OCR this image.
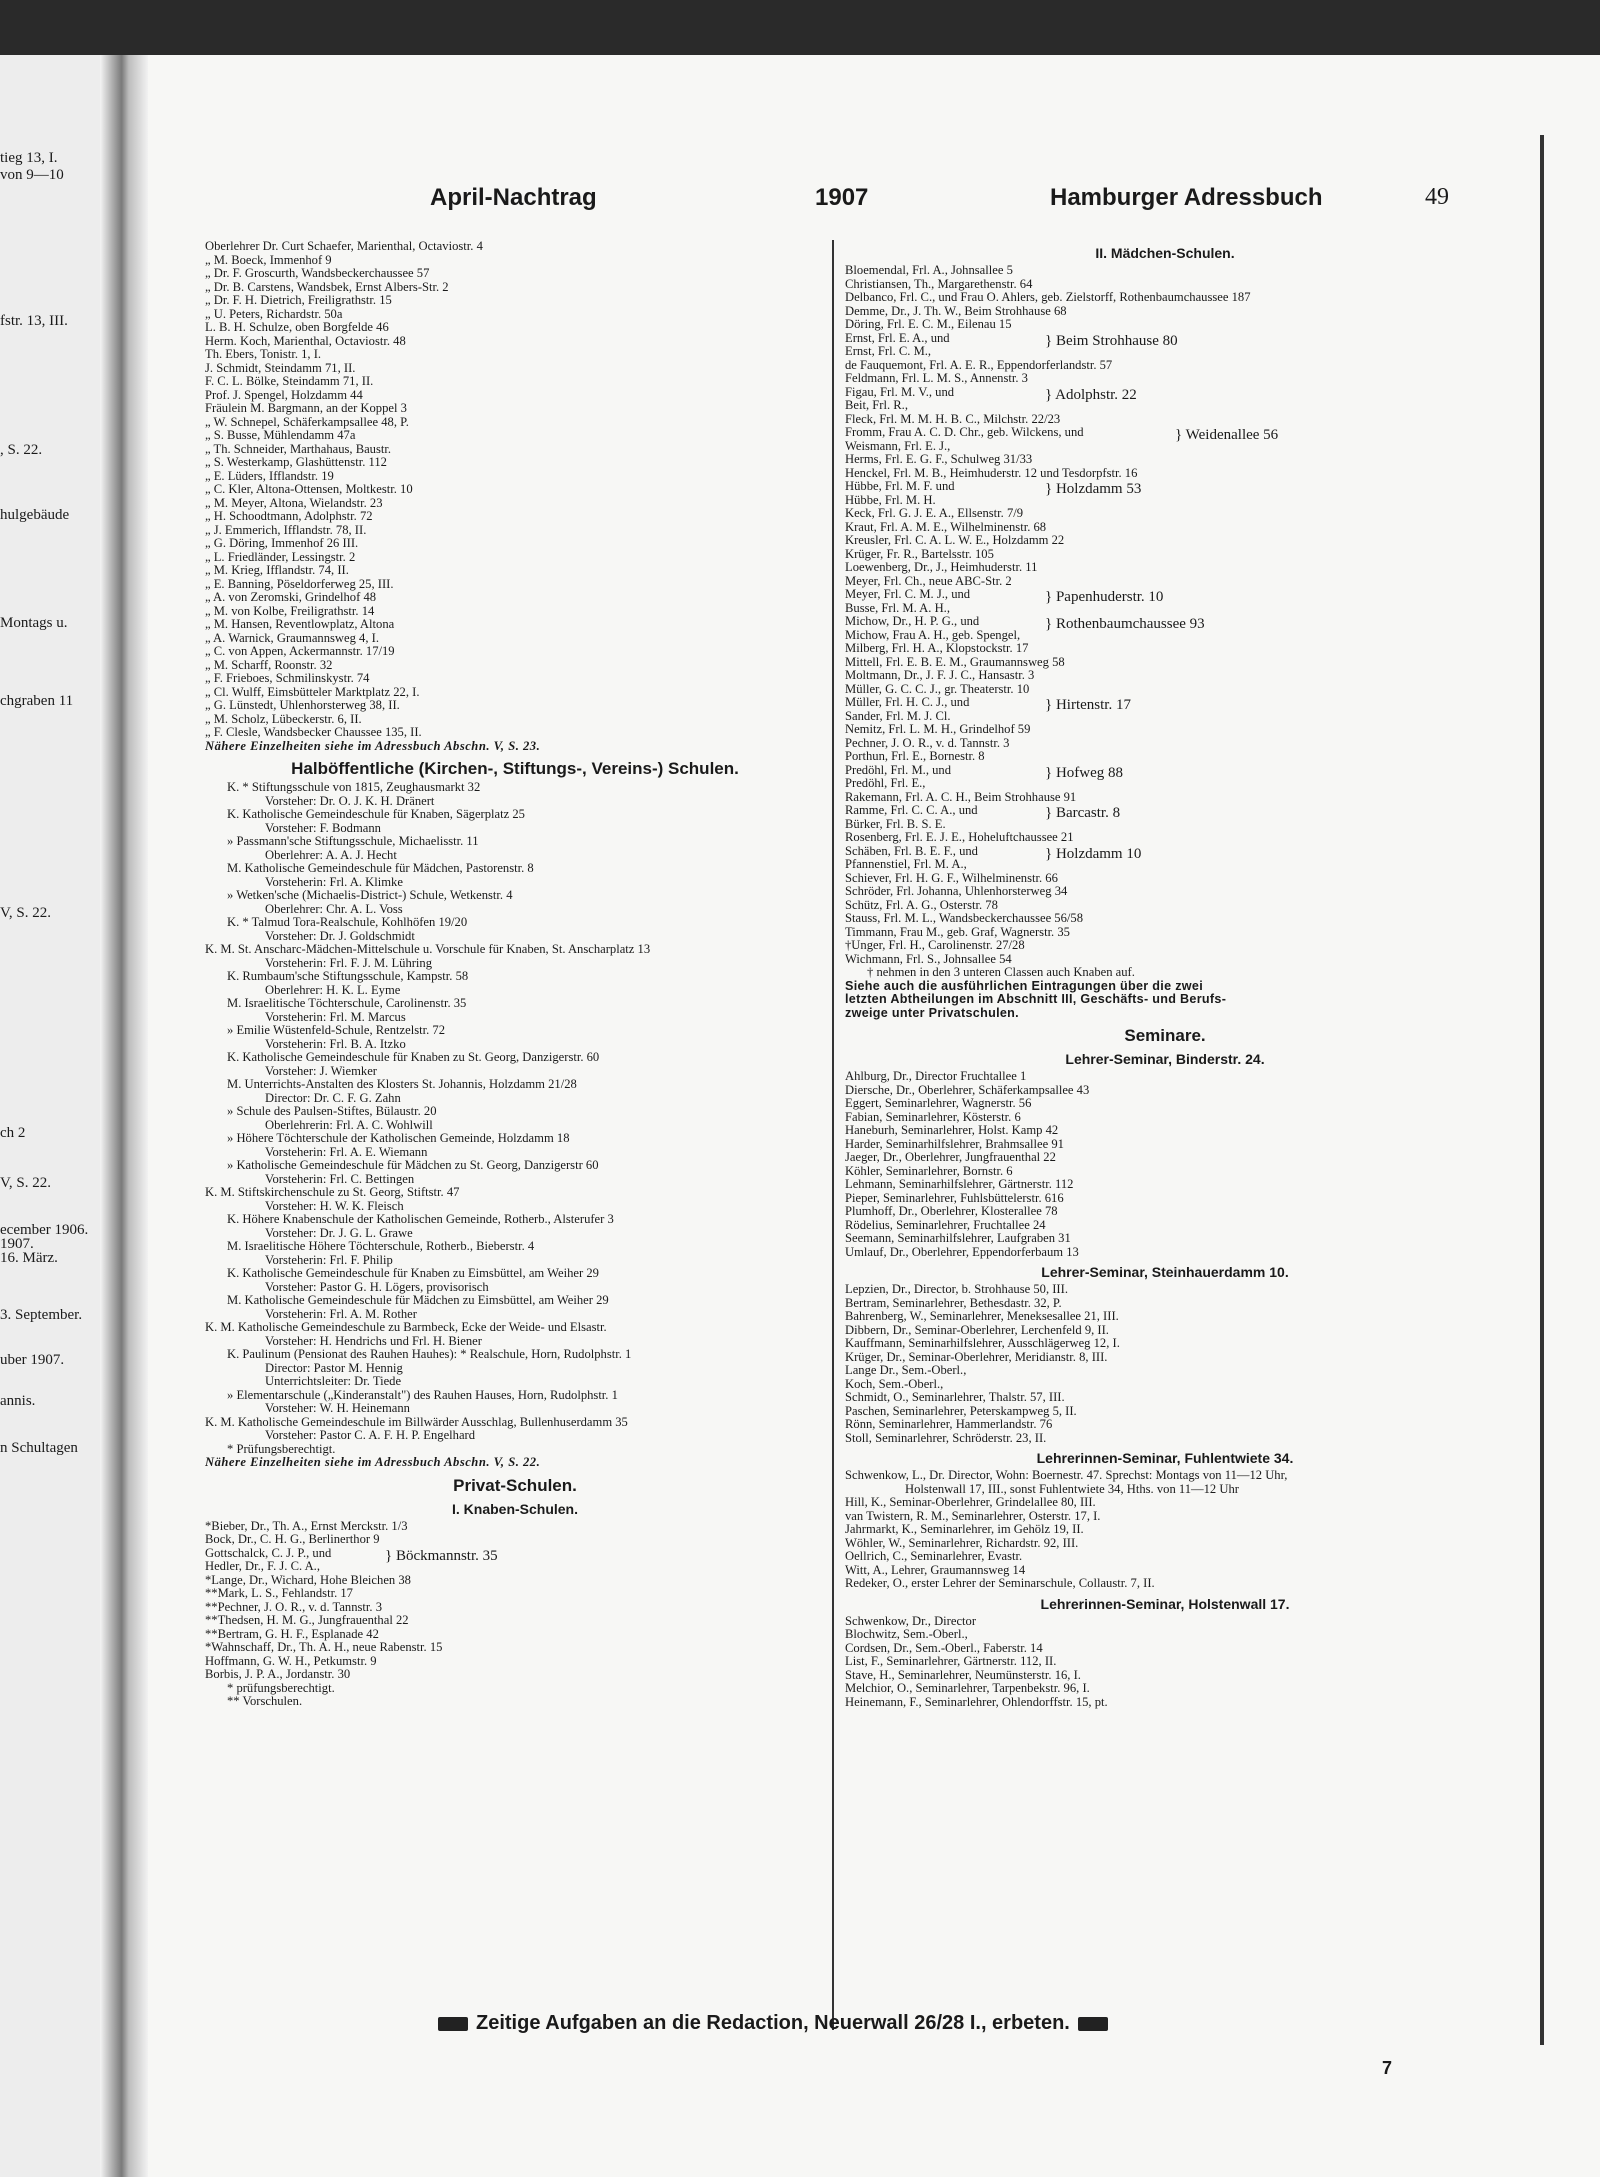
tieg 13, I.
von 9—10
fstr. 13, III.
, S. 22.
hulgebäude
Montags u.
chgraben 11
V, S. 22.
ch 2
V, S. 22.
ecember 1906.
1907.
16. März.
3. September.
uber 1907.
annis.
n Schultagen
April-Nachtrag	1907	Hamburger Adressbuch	49
Oberlehrer Dr. Curt Schaefer, Marienthal, Octaviostr. 4
„ M. Boeck, Immenhof 9
„ Dr. F. Groscurth, Wandsbeckerchaussee 57
„ Dr. B. Carstens, Wandsbek, Ernst Albers-Str. 2
„ Dr. F. H. Dietrich, Freiligrathstr. 15
„ U. Peters, Richardstr. 50a
L. B. H. Schulze, oben Borgfelde 46
Herm. Koch, Marienthal, Octaviostr. 48
Th. Ebers, Tonistr. 1, I.
J. Schmidt, Steindamm 71, II.
F. C. L. Bölke, Steindamm 71, II.
Prof. J. Spengel, Holzdamm 44
Fräulein M. Bargmann, an der Koppel 3
„ W. Schnepel, Schäferkampsallee 48, P.
„ S. Busse, Mühlendamm 47a
„ Th. Schneider, Marthahaus, Baustr.
„ S. Westerkamp, Glashüttenstr. 112
„ E. Lüders, Ifflandstr. 19
„ C. Kler, Altona-Ottensen, Moltkestr. 10
„ M. Meyer, Altona, Wielandstr. 23
„ H. Schoodtmann, Adolphstr. 72
„ J. Emmerich, Ifflandstr. 78, II.
„ G. Döring, Immenhof 26 III.
„ L. Friedländer, Lessingstr. 2
„ M. Krieg, Ifflandstr. 74, II.
„ E. Banning, Pöseldorferweg 25, III.
„ A. von Zeromski, Grindelhof 48
„ M. von Kolbe, Freiligrathstr. 14
„ M. Hansen, Reventlowplatz, Altona
„ A. Warnick, Graumannsweg 4, I.
„ C. von Appen, Ackermannstr. 17/19
„ M. Scharff, Roonstr. 32
„ F. Frieboes, Schmilinskystr. 74
„ Cl. Wulff, Eimsbütteler Marktplatz 22, I.
„ G. Lünstedt, Uhlenhorsterweg 38, II.
„ M. Scholz, Lübeckerstr. 6, II.
„ F. Clesle, Wandsbecker Chaussee 135, II.
Nähere Einzelheiten siehe im Adressbuch Abschn. V, S. 23.
Halböffentliche (Kirchen-, Stiftungs-, Vereins-) Schulen.
K. * Stiftungsschule von 1815, Zeughausmarkt 32
Vorsteher: Dr. O. J. K. H. Dränert
K. Katholische Gemeindeschule für Knaben, Sägerplatz 25
Vorsteher: F. Bodmann
» Passmann'sche Stiftungsschule, Michaelisstr. 11
Oberlehrer: A. A. J. Hecht
M. Katholische Gemeindeschule für Mädchen, Pastorenstr. 8
Vorsteherin: Frl. A. Klimke
» Wetken'sche (Michaelis-District-) Schule, Wetkenstr. 4
Oberlehrer: Chr. A. L. Voss
K. * Talmud Tora-Realschule, Kohlhöfen 19/20
Vorsteher: Dr. J. Goldschmidt
K. M. St. Anscharc-Mädchen-Mittelschule u. Vorschule für Knaben, St. Anscharplatz 13
Vorsteherin: Frl. F. J. M. Lühring
K. Rumbaum'sche Stiftungsschule, Kampstr. 58
Oberlehrer: H. K. L. Eyme
M. Israelitische Töchterschule, Carolinenstr. 35
Vorsteherin: Frl. M. Marcus
» Emilie Wüstenfeld-Schule, Rentzelstr. 72
Vorsteherin: Frl. B. A. Itzko
K. Katholische Gemeindeschule für Knaben zu St. Georg, Danzigerstr. 60
Vorsteher: J. Wiemker
M. Unterrichts-Anstalten des Klosters St. Johannis, Holzdamm 21/28
Director: Dr. C. F. G. Zahn
» Schule des Paulsen-Stiftes, Bülaustr. 20
Oberlehrerin: Frl. A. C. Wohlwill
» Höhere Töchterschule der Katholischen Gemeinde, Holzdamm 18
Vorsteherin: Frl. A. E. Wiemann
» Katholische Gemeindeschule für Mädchen zu St. Georg, Danzigerstr 60
Vorsteherin: Frl. C. Bettingen
K. M. Stiftskirchenschule zu St. Georg, Stiftstr. 47
Vorsteher: H. W. K. Fleisch
K. Höhere Knabenschule der Katholischen Gemeinde, Rotherb., Alsterufer 3
Vorsteher: Dr. J. G. L. Grawe
M. Israelitische Höhere Töchterschule, Rotherb., Bieberstr. 4
Vorsteherin: Frl. F. Philip
K. Katholische Gemeindeschule für Knaben zu Eimsbüttel, am Weiher 29
Vorsteher: Pastor G. H. Lögers, provisorisch
M. Katholische Gemeindeschule für Mädchen zu Eimsbüttel, am Weiher 29
Vorsteherin: Frl. A. M. Rother
K. M. Katholische Gemeindeschule zu Barmbeck, Ecke der Weide- und Elsastr.
Vorsteher: H. Hendrichs und Frl. H. Biener
K. Paulinum (Pensionat des Rauhen Hauhes): * Realschule, Horn, Rudolphstr. 1
Director: Pastor M. Hennig
Unterrichtsleiter: Dr. Tiede
» Elementarschule („Kinderanstalt") des Rauhen Hauses, Horn, Rudolphstr. 1
Vorsteher: W. H. Heinemann
K. M. Katholische Gemeindeschule im Billwärder Ausschlag, Bullenhuserdamm 35
Vorsteher: Pastor C. A. F. H. P. Engelhard
* Prüfungsberechtigt.
Nähere Einzelheiten siehe im Adressbuch Abschn. V, S. 22.
Privat-Schulen.
I. Knaben-Schulen.
*Bieber, Dr., Th. A., Ernst Merckstr. 1/3
Bock, Dr., C. H. G., Berlinerthor 9
Gottschalck, C. J. P., und
Hedler, Dr., F. J. C. A.,
} Böckmannstr. 35
*Lange, Dr., Wichard, Hohe Bleichen 38
**Mark, L. S., Fehlandstr. 17
**Pechner, J. O. R., v. d. Tannstr. 3
**Thedsen, H. M. G., Jungfrauenthal 22
**Bertram, G. H. F., Esplanade 42
*Wahnschaff, Dr., Th. A. H., neue Rabenstr. 15
Hoffmann, G. W. H., Petkumstr. 9
Borbis, J. P. A., Jordanstr. 30
* prüfungsberechtigt.
** Vorschulen.
II. Mädchen-Schulen.
Bloemendal, Frl. A., Johnsallee 5
Christiansen, Th., Margarethenstr. 64
Delbanco, Frl. C., und Frau O. Ahlers, geb. Zielstorff, Rothenbaumchaussee 187
Demme, Dr., J. Th. W., Beim Strohhause 68
Döring, Frl. E. C. M., Eilenau 15
Ernst, Frl. E. A., und
Ernst, Frl. C. M.,
} Beim Strohhause 80
de Fauquemont, Frl. A. E. R., Eppendorferlandstr. 57
Feldmann, Frl. L. M. S., Annenstr. 3
Figau, Frl. M. V., und
Beit, Frl. R.,
} Adolphstr. 22
Fleck, Frl. M. M. H. B. C., Milchstr. 22/23
Fromm, Frau A. C. D. Chr., geb. Wilckens, und
Weismann, Frl. E. J.,
} Weidenallee 56
Herms, Frl. E. G. F., Schulweg 31/33
Henckel, Frl. M. B., Heimhuderstr. 12 und Tesdorpfstr. 16
Hübbe, Frl. M. F. und
Hübbe, Frl. M. H.
} Holzdamm 53
Keck, Frl. G. J. E. A., Ellsenstr. 7/9
Kraut, Frl. A. M. E., Wilhelminenstr. 68
Kreusler, Frl. C. A. L. W. E., Holzdamm 22
Krüger, Fr. R., Bartelsstr. 105
Loewenberg, Dr., J., Heimhuderstr. 11
Meyer, Frl. Ch., neue ABC-Str. 2
Meyer, Frl. C. M. J., und
Busse, Frl. M. A. H.,
} Papenhuderstr. 10
Michow, Dr., H. P. G., und
Michow, Frau A. H., geb. Spengel,
} Rothenbaumchaussee 93
Milberg, Frl. H. A., Klopstockstr. 17
Mittell, Frl. E. B. E. M., Graumannsweg 58
Moltmann, Dr., J. F. J. C., Hansastr. 3
Müller, G. C. C. J., gr. Theaterstr. 10
Müller, Frl. H. C. J., und
Sander, Frl. M. J. Cl.
} Hirtenstr. 17
Nemitz, Frl. L. M. H., Grindelhof 59
Pechner, J. O. R., v. d. Tannstr. 3
Porthun, Frl. E., Bornestr. 8
Predöhl, Frl. M., und
Predöhl, Frl. E.,
} Hofweg 88
Rakemann, Frl. A. C. H., Beim Strohhause 91
Ramme, Frl. C. C. A., und
Bürker, Frl. B. S. E.
} Barcastr. 8
Rosenberg, Frl. E. J. E., Hoheluftchaussee 21
Schäben, Frl. B. E. F., und
Pfannenstiel, Frl. M. A.,
} Holzdamm 10
Schiever, Frl. H. G. F., Wilhelminenstr. 66
Schröder, Frl. Johanna, Uhlenhorsterweg 34
Schütz, Frl. A. G., Osterstr. 78
Stauss, Frl. M. L., Wandsbeckerchaussee 56/58
Timmann, Frau M., geb. Graf, Wagnerstr. 35
†Unger, Frl. H., Carolinenstr. 27/28
Wichmann, Frl. S., Johnsallee 54
† nehmen in den 3 unteren Classen auch Knaben auf.
Siehe auch die ausführlichen Eintragungen über die zwei
letzten Abtheilungen im Abschnitt III, Geschäfts- und Berufs-
zweige unter Privatschulen.
Seminare.
Lehrer-Seminar, Binderstr. 24.
Ahlburg, Dr., Director Fruchtallee 1
Diersche, Dr., Oberlehrer, Schäferkampsallee 43
Eggert, Seminarlehrer, Wagnerstr. 56
Fabian, Seminarlehrer, Kösterstr. 6
Haneburh, Seminarlehrer, Holst. Kamp 42
Harder, Seminarhilfslehrer, Brahmsallee 91
Jaeger, Dr., Oberlehrer, Jungfrauenthal 22
Köhler, Seminarlehrer, Bornstr. 6
Lehmann, Seminarhilfslehrer, Gärtnerstr. 112
Pieper, Seminarlehrer, Fuhlsbüttelerstr. 616
Plumhoff, Dr., Oberlehrer, Klosterallee 78
Rödelius, Seminarlehrer, Fruchtallee 24
Seemann, Seminarhilfslehrer, Laufgraben 31
Umlauf, Dr., Oberlehrer, Eppendorferbaum 13
Lehrer-Seminar, Steinhauerdamm 10.
Lepzien, Dr., Director, b. Strohhause 50, III.
Bertram, Seminarlehrer, Bethesdastr. 32, P.
Bahrenberg, W., Seminarlehrer, Meneksesallee 21, III.
Dibbern, Dr., Seminar-Oberlehrer, Lerchenfeld 9, II.
Kauffmann, Seminarhilfslehrer, Ausschlägerweg 12, I.
Krüger, Dr., Seminar-Oberlehrer, Meridianstr. 8, III.
Lange Dr., Sem.-Oberl.,
Koch, Sem.-Oberl.,
Schmidt, O., Seminarlehrer, Thalstr. 57, III.
Paschen, Seminarlehrer, Peterskampweg 5, II.
Rönn, Seminarlehrer, Hammerlandstr. 76
Stoll, Seminarlehrer, Schröderstr. 23, II.
Lehrerinnen-Seminar, Fuhlentwiete 34.
Schwenkow, L., Dr. Director, Wohn: Boernestr. 47. Sprechst: Montags von 11—12 Uhr,
Holstenwall 17, III., sonst Fuhlentwiete 34, Hths. von 11—12 Uhr
Hill, K., Seminar-Oberlehrer, Grindelallee 80, III.
van Twistern, R. M., Seminarlehrer, Osterstr. 17, I.
Jahrmarkt, K., Seminarlehrer, im Gehölz 19, II.
Wöhler, W., Seminarlehrer, Richardstr. 92, III.
Oellrich, C., Seminarlehrer, Evastr.
Witt, A., Lehrer, Graumannsweg 14
Redeker, O., erster Lehrer der Seminarschule, Collaustr. 7, II.
Lehrerinnen-Seminar, Holstenwall 17.
Schwenkow, Dr., Director
Blochwitz, Sem.-Oberl.,
Cordsen, Dr., Sem.-Oberl., Faberstr. 14
List, F., Seminarlehrer, Gärtnerstr. 112, II.
Stave, H., Seminarlehrer, Neumünsterstr. 16, I.
Melchior, O., Seminarlehrer, Tarpenbekstr. 96, I.
Heinemann, F., Seminarlehrer, Ohlendorffstr. 15, pt.
Zeitige Aufgaben an die Redaction, Neuerwall 26/28 I., erbeten.
7
